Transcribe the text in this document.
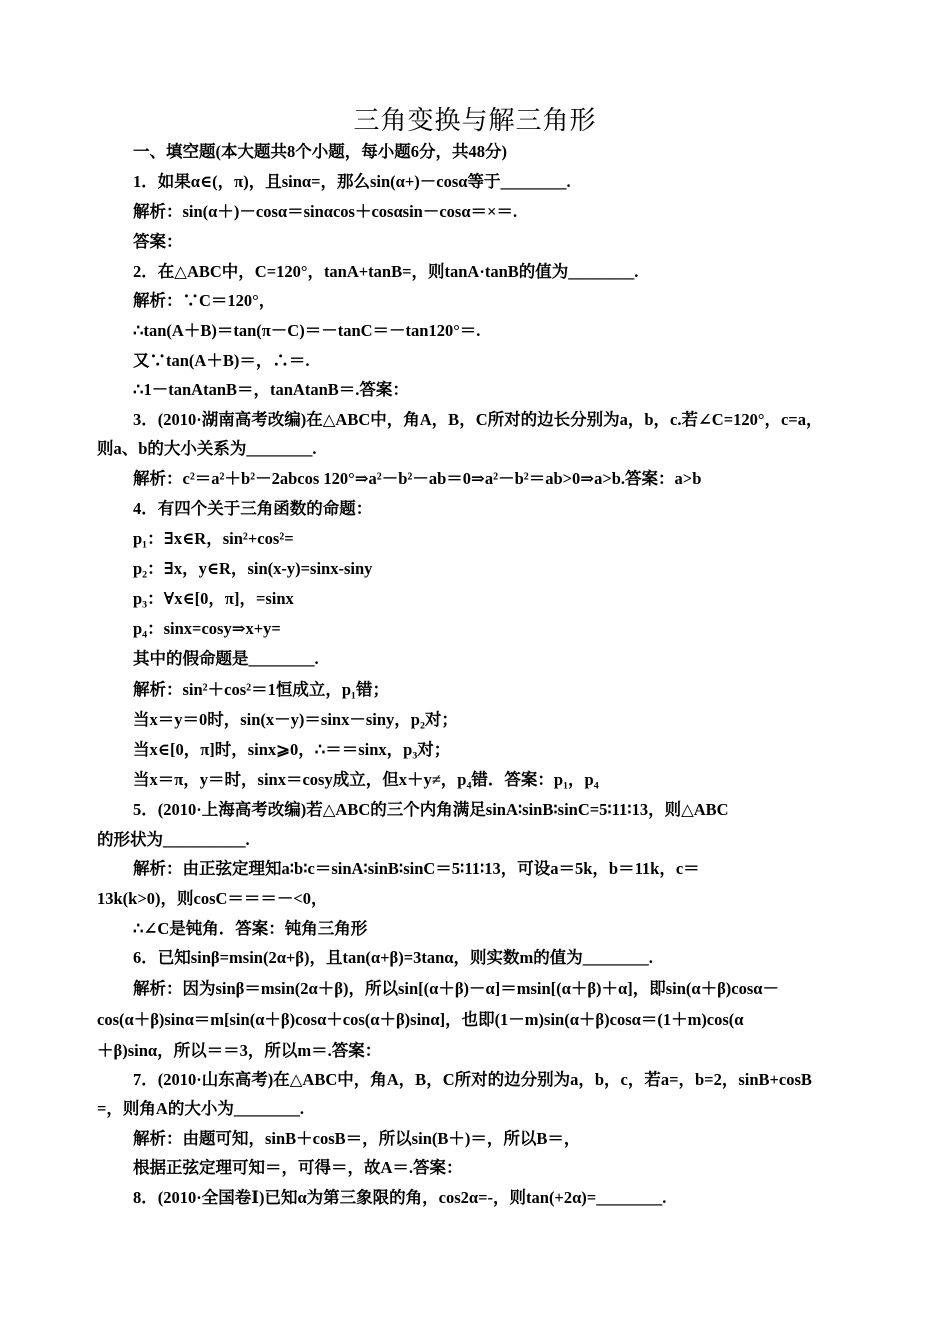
三角变换与解三角形
一、填空题(本大题共8个小题，每小题6分，共48分)
1．如果α∈(，π)，且sinα=，那么sin(α+)－cosα等于________.
解析：sin(α＋)－cosα＝sinαcos＋cosαsin－cosα＝×＝.
答案：
2．在△ABC中，C=120°，tanA+tanB=，则tanA·tanB的值为________.
解析：∵C＝120°，
∴tan(A＋B)＝tan(π－C)＝－tanC＝－tan120°＝.
又∵tan(A＋B)＝，∴＝.
∴1－tanAtanB＝，tanAtanB＝.答案：
3．(2010·湖南高考改编)在△ABC中，角A，B，C所对的边长分别为a，b，c.若∠C=120°，c=a，
则a、b的大小关系为________.
解析：c²＝a²＋b²－2abcos 120°⇒a²－b²－ab＝0⇒a²－b²＝ab>0⇒a>b.答案：a>b
4．有四个关于三角函数的命题：
p₁：∃x∈R，sin²+cos²=
p₂：∃x，y∈R，sin(x-y)=sinx-siny
p₃：∀x∈[0，π]，=sinx
p₄：sinx=cosy⇒x+y=
其中的假命题是________.
解析：sin²＋cos²＝1恒成立，p₁错；
当x＝y＝0时，sin(x－y)＝sinx－siny，p₂对；
当x∈[0，π]时，sinx⩾0，∴＝＝sinx，p₃对；
当x＝π，y＝时，sinx＝cosy成立，但x＋y≠，p₄错．答案：p₁，p₄
5．(2010·上海高考改编)若△ABC的三个内角满足sinA∶sinB∶sinC=5∶11∶13，则△ABC
的形状为__________.
解析：由正弦定理知a∶b∶c＝sinA∶sinB∶sinC＝5∶11∶13，可设a＝5k，b＝11k，c＝
13k(k>0)，则cosC＝＝＝－<0，
∴∠C是钝角．答案：钝角三角形
6．已知sinβ=msin(2α+β)，且tan(α+β)=3tanα，则实数m的值为________.
解析：因为sinβ＝msin(2α＋β)，所以sin[(α＋β)－α]＝msin[(α＋β)＋α]，即sin(α＋β)cosα－
cos(α＋β)sinα＝m[sin(α＋β)cosα＋cos(α＋β)sinα]，也即(1－m)sin(α＋β)cosα＝(1＋m)cos(α
＋β)sinα，所以＝＝3，所以m＝.答案：
7．(2010·山东高考)在△ABC中，角A，B，C所对的边分别为a，b，c，若a=，b=2，sinB+cosB
=，则角A的大小为________.
解析：由题可知，sinB＋cosB＝，所以sin(B＋)＝，所以B＝，
根据正弦定理可知＝，可得＝，故A＝.答案：
8．(2010·全国卷Ⅰ)已知α为第三象限的角，cos2α=-，则tan(+2α)=________.
